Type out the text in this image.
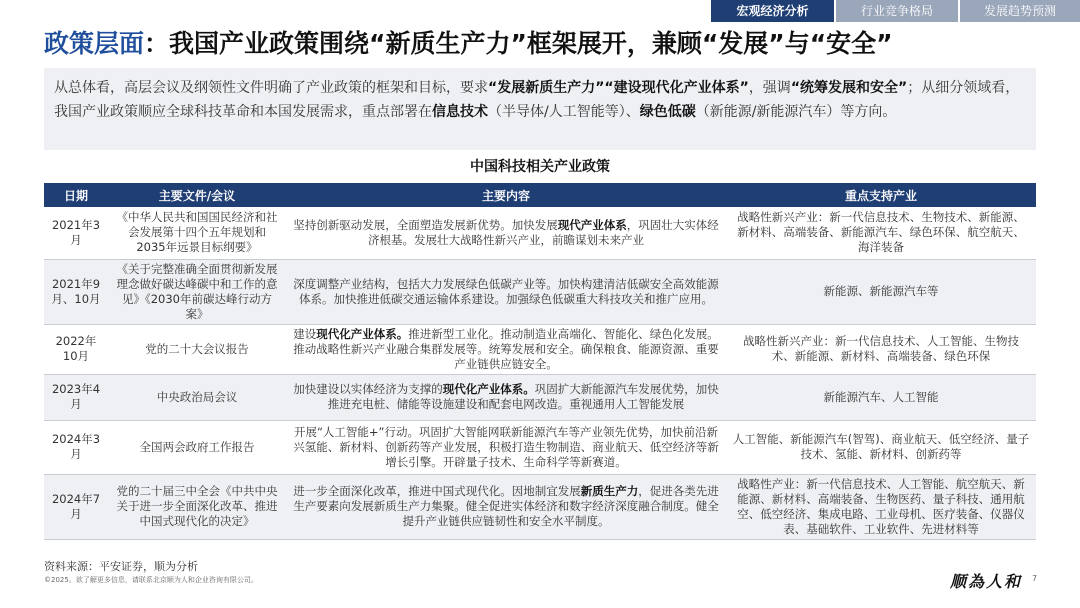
宏观经济分析	行业竞争格局	发展趋势预测
政策层面：我国产业政策围绕“新质生产力”框架展开，兼顾“发展”与“安全”
从总体看，高层会议及纲领性文件明确了产业政策的框架和目标，要求“发展新质生产力”“建设现代化产业体系”，强调“统筹发展和安全”；从细分领域看，我国产业政策顺应全球科技革命和本国发展需求，重点部署在信息技术（半导体/人工智能等）、绿色低碳（新能源/新能源汽车）等方向。
中国科技相关产业政策
日期	主要文件/会议	主要内容	重点支持产业
2021年3月	《中华人民共和国国民经济和社会发展第十四个五年规划和2035年远景目标纲要》	坚持创新驱动发展，全面塑造发展新优势。加快发展现代产业体系，巩固壮大实体经济根基。发展壮大战略性新兴产业，前瞻谋划未来产业	战略性新兴产业：新一代信息技术、生物技术、新能源、新材料、高端装备、新能源汽车、绿色环保、航空航天、海洋装备
2021年9月、10月	《关于完整准确全面贯彻新发展理念做好碳达峰碳中和工作的意见》《2030年前碳达峰行动方案》	深度调整产业结构，包括大力发展绿色低碳产业等。加快构建清洁低碳安全高效能源体系。加快推进低碳交通运输体系建设。加强绿色低碳重大科技攻关和推广应用。	新能源、新能源汽车等
2022年10月	党的二十大会议报告	建设现代化产业体系。推进新型工业化。推动制造业高端化、智能化、绿色化发展。推动战略性新兴产业融合集群发展等。统筹发展和安全。确保粮食、能源资源、重要产业链供应链安全。	战略性新兴产业：新一代信息技术、人工智能、生物技术、新能源、新材料、高端装备、绿色环保
2023年4月	中央政治局会议	加快建设以实体经济为支撑的现代化产业体系。巩固扩大新能源汽车发展优势，加快推进充电桩、储能等设施建设和配套电网改造。重视通用人工智能发展	新能源汽车、人工智能
2024年3月	全国两会政府工作报告	开展“人工智能+”行动。巩固扩大智能网联新能源汽车等产业领先优势，加快前沿新兴氢能、新材料、创新药等产业发展，积极打造生物制造、商业航天、低空经济等新增长引擎。开辟量子技术、生命科学等新赛道。	人工智能、新能源汽车(智驾)、商业航天、低空经济、量子技术、氢能、新材料、创新药等
2024年7月	党的二十届三中全会《中共中央关于进一步全面深化改革、推进中国式现代化的决定》	进一步全面深化改革，推进中国式现代化。因地制宜发展新质生产力，促进各类先进生产要素向发展新质生产力集聚。健全促进实体经济和数字经济深度融合制度。健全提升产业链供应链韧性和安全水平制度。	战略性产业：新一代信息技术、人工智能、航空航天、新能源、新材料、高端装备、生物医药、量子科技、通用航空、低空经济、集成电路、工业母机、医疗装备、仪器仪表、基础软件、工业软件、先进材料等
资料来源：平安证券，顺为分析
©2025。欲了解更多信息，请联系北京顺为人和企业咨询有限公司。	顺為人和 7
